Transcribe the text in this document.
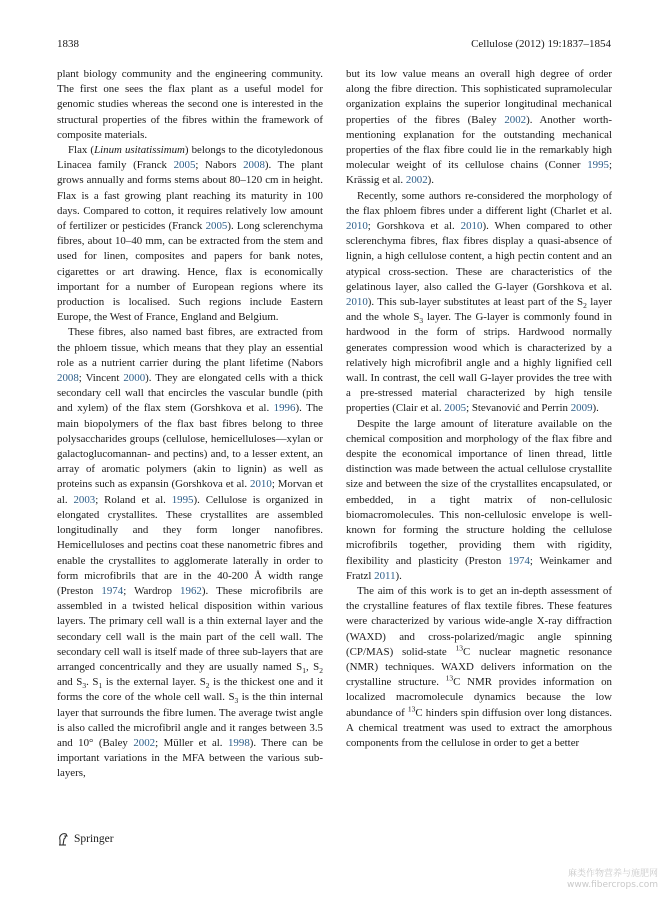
1838	Cellulose (2012) 19:1837–1854

plant biology community and the engineering community. The first one sees the flax plant as a useful model for genomic studies whereas the second one is interested in the structural properties of the fibres within the framework of composite materials.

Flax (Linum usitatissimum) belongs to the dicotyledonous Linacea family (Franck 2005; Nabors 2008). The plant grows annually and forms stems about 80–120 cm in height. Flax is a fast growing plant reaching its maturity in 100 days. Compared to cotton, it requires relatively low amount of fertilizer or pesticides (Franck 2005). Long sclerenchyma fibres, about 10–40 mm, can be extracted from the stem and used for linen, composites and papers for bank notes, cigarettes or art drawing. Hence, flax is economically important for a number of European regions where its production is localised. Such regions include Eastern Europe, the West of France, England and Belgium.

These fibres, also named bast fibres, are extracted from the phloem tissue, which means that they play an essential role as a nutrient carrier during the plant lifetime (Nabors 2008; Vincent 2000). They are elongated cells with a thick secondary cell wall that encircles the vascular bundle (pith and xylem) of the flax stem (Gorshkova et al. 1996). The main biopolymers of the flax bast fibres belong to three polysaccharides groups (cellulose, hemicelluloses—xylan or galactoglucomannan- and pectins) and, to a lesser extent, an array of aromatic polymers (akin to lignin) as well as proteins such as expansin (Gorshkova et al. 2010; Morvan et al. 2003; Roland et al. 1995). Cellulose is organized in elongated crystallites. These crystallites are assembled longitudinally and they form longer nanofibres. Hemicelluloses and pectins coat these nanometric fibres and enable the crystallites to agglomerate laterally in order to form microfibrils that are in the 40-200 Å width range (Preston 1974; Wardrop 1962). These microfibrils are assembled in a twisted helical disposition within various layers. The primary cell wall is a thin external layer and the secondary cell wall is the main part of the cell wall. The secondary cell wall is itself made of three sub-layers that are arranged concentrically and they are usually named $S_1$, $S_2$ and $S_3$. $S_1$ is the external layer. $S_2$ is the thickest one and it forms the core of the whole cell wall. $S_3$ is the thin internal layer that surrounds the fibre lumen. The average twist angle is also called the microfibril angle and it ranges between 3.5 and 10° (Baley 2002; Müller et al. 1998). There can be important variations in the MFA between the various sub-layers,

but its low value means an overall high degree of order along the fibre direction. This sophisticated supramolecular organization explains the superior longitudinal mechanical properties of the fibres (Baley 2002). Another worth-mentioning explanation for the outstanding mechanical properties of the flax fibre could lie in the remarkably high molecular weight of its cellulose chains (Conner 1995; Krässig et al. 2002).

Recently, some authors re-considered the morphology of the flax phloem fibres under a different light (Charlet et al. 2010; Gorshkova et al. 2010). When compared to other sclerenchyma fibres, flax fibres display a quasi-absence of lignin, a high cellulose content, a high pectin content and an atypical cross-section. These are characteristics of the gelatinous layer, also called the G-layer (Gorshkova et al. 2010). This sub-layer substitutes at least part of the $S_2$ layer and the whole $S_3$ layer. The G-layer is commonly found in hardwood in the form of strips. Hardwood normally generates compression wood which is characterized by a relatively high microfibril angle and a highly lignified cell wall. In contrast, the cell wall G-layer provides the tree with a pre-stressed material characterized by high tensile properties (Clair et al. 2005; Stevanović and Perrin 2009).

Despite the large amount of literature available on the chemical composition and morphology of the flax fibre and despite the economical importance of linen thread, little distinction was made between the actual cellulose crystallite size and between the size of the crystallites encapsulated, or embedded, in a tight matrix of non-cellulosic biomacromolecules. This non-cellulosic envelope is well-known for forming the structure holding the cellulose microfibrils together, providing them with rigidity, flexibility and plasticity (Preston 1974; Weinkamer and Fratzl 2011).

The aim of this work is to get an in-depth assessment of the crystalline features of flax textile fibres. These features were characterized by various wide-angle X-ray diffraction (WAXD) and cross-polarized/magic angle spinning (CP/MAS) solid-state $^{13}$C nuclear magnetic resonance (NMR) techniques. WAXD delivers information on the crystalline structure. $^{13}$C NMR provides information on localized macromolecule dynamics because the low abundance of $^{13}$C hinders spin diffusion over long distances. A chemical treatment was used to extract the amorphous components from the cellulose in order to get a better

Springer
麻类作物营养与施肥网
www.fibercrops.com
